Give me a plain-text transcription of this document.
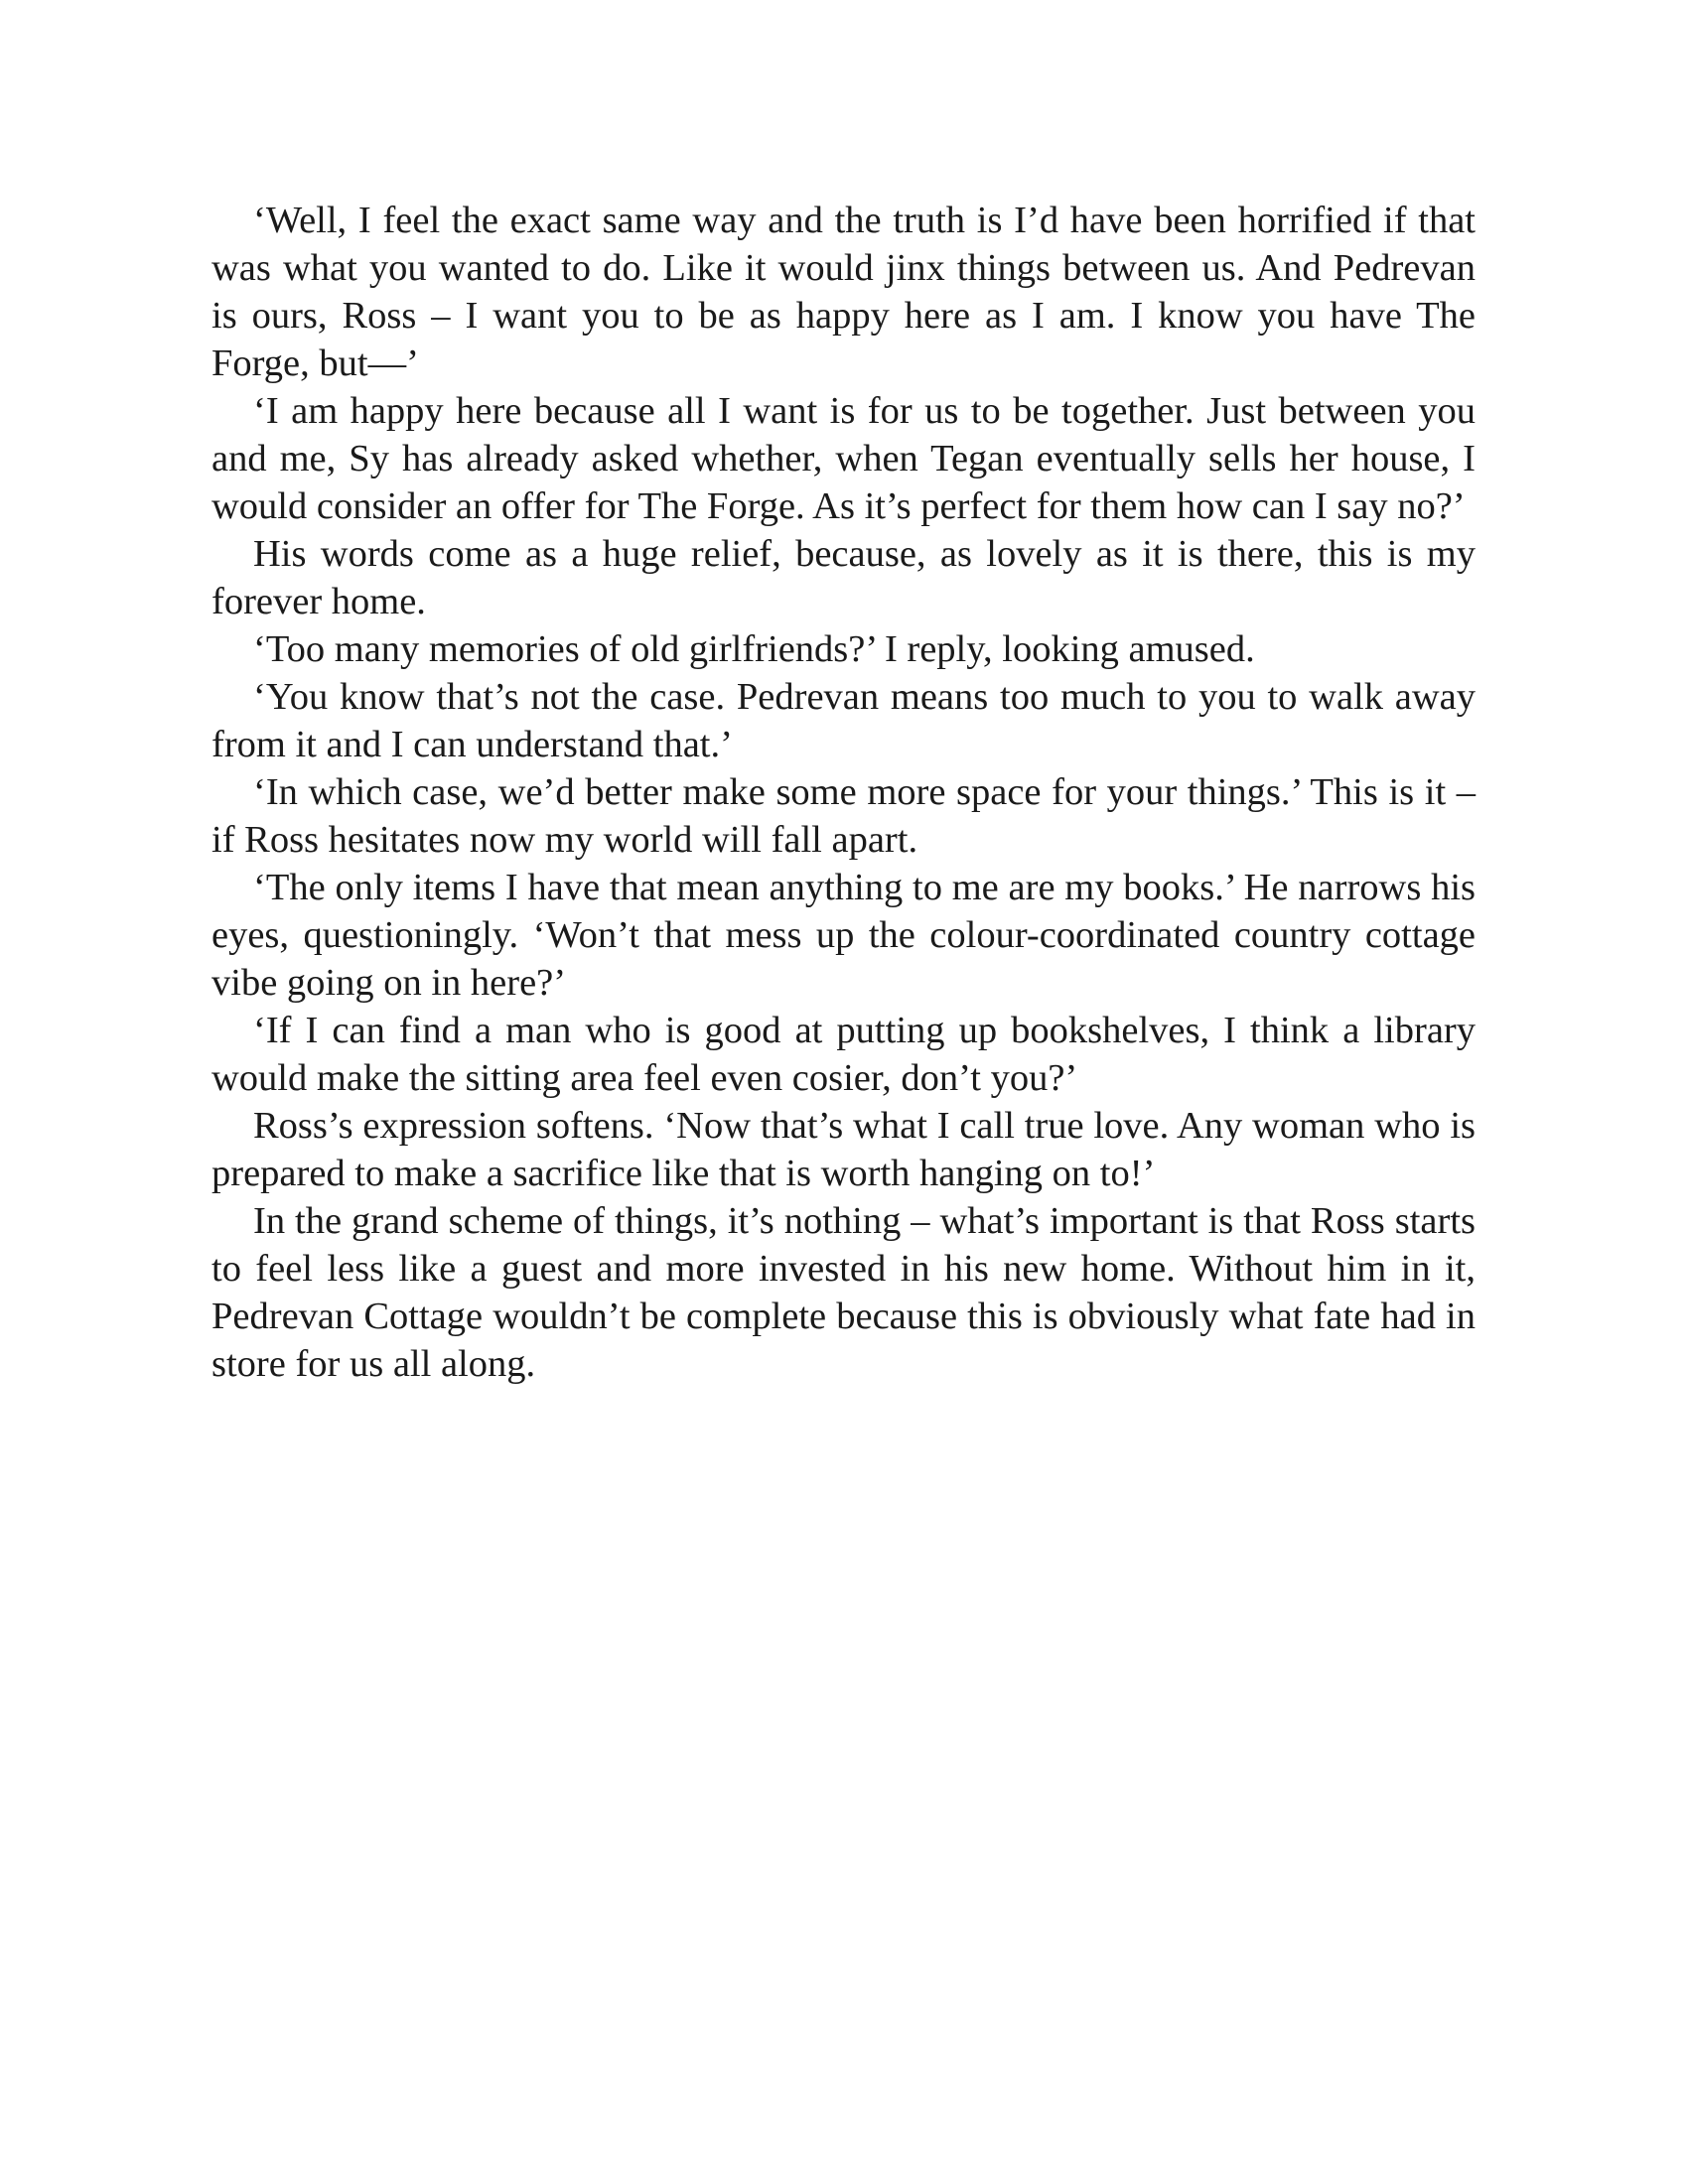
‘Well, I feel the exact same way and the truth is I’d have been horrified if that was what you wanted to do. Like it would jinx things between us. And Pedrevan is ours, Ross – I want you to be as happy here as I am. I know you have The Forge, but—’

‘I am happy here because all I want is for us to be together. Just between you and me, Sy has already asked whether, when Tegan eventually sells her house, I would consider an offer for The Forge. As it’s perfect for them how can I say no?’

His words come as a huge relief, because, as lovely as it is there, this is my forever home.

‘Too many memories of old girlfriends?’ I reply, looking amused.

‘You know that’s not the case. Pedrevan means too much to you to walk away from it and I can understand that.’

‘In which case, we’d better make some more space for your things.’ This is it – if Ross hesitates now my world will fall apart.

‘The only items I have that mean anything to me are my books.’ He narrows his eyes, questioningly. ‘Won’t that mess up the colour-coordinated country cottage vibe going on in here?’

‘If I can find a man who is good at putting up bookshelves, I think a library would make the sitting area feel even cosier, don’t you?’

Ross’s expression softens. ‘Now that’s what I call true love. Any woman who is prepared to make a sacrifice like that is worth hanging on to!’

In the grand scheme of things, it’s nothing – what’s important is that Ross starts to feel less like a guest and more invested in his new home. Without him in it, Pedrevan Cottage wouldn’t be complete because this is obviously what fate had in store for us all along.
